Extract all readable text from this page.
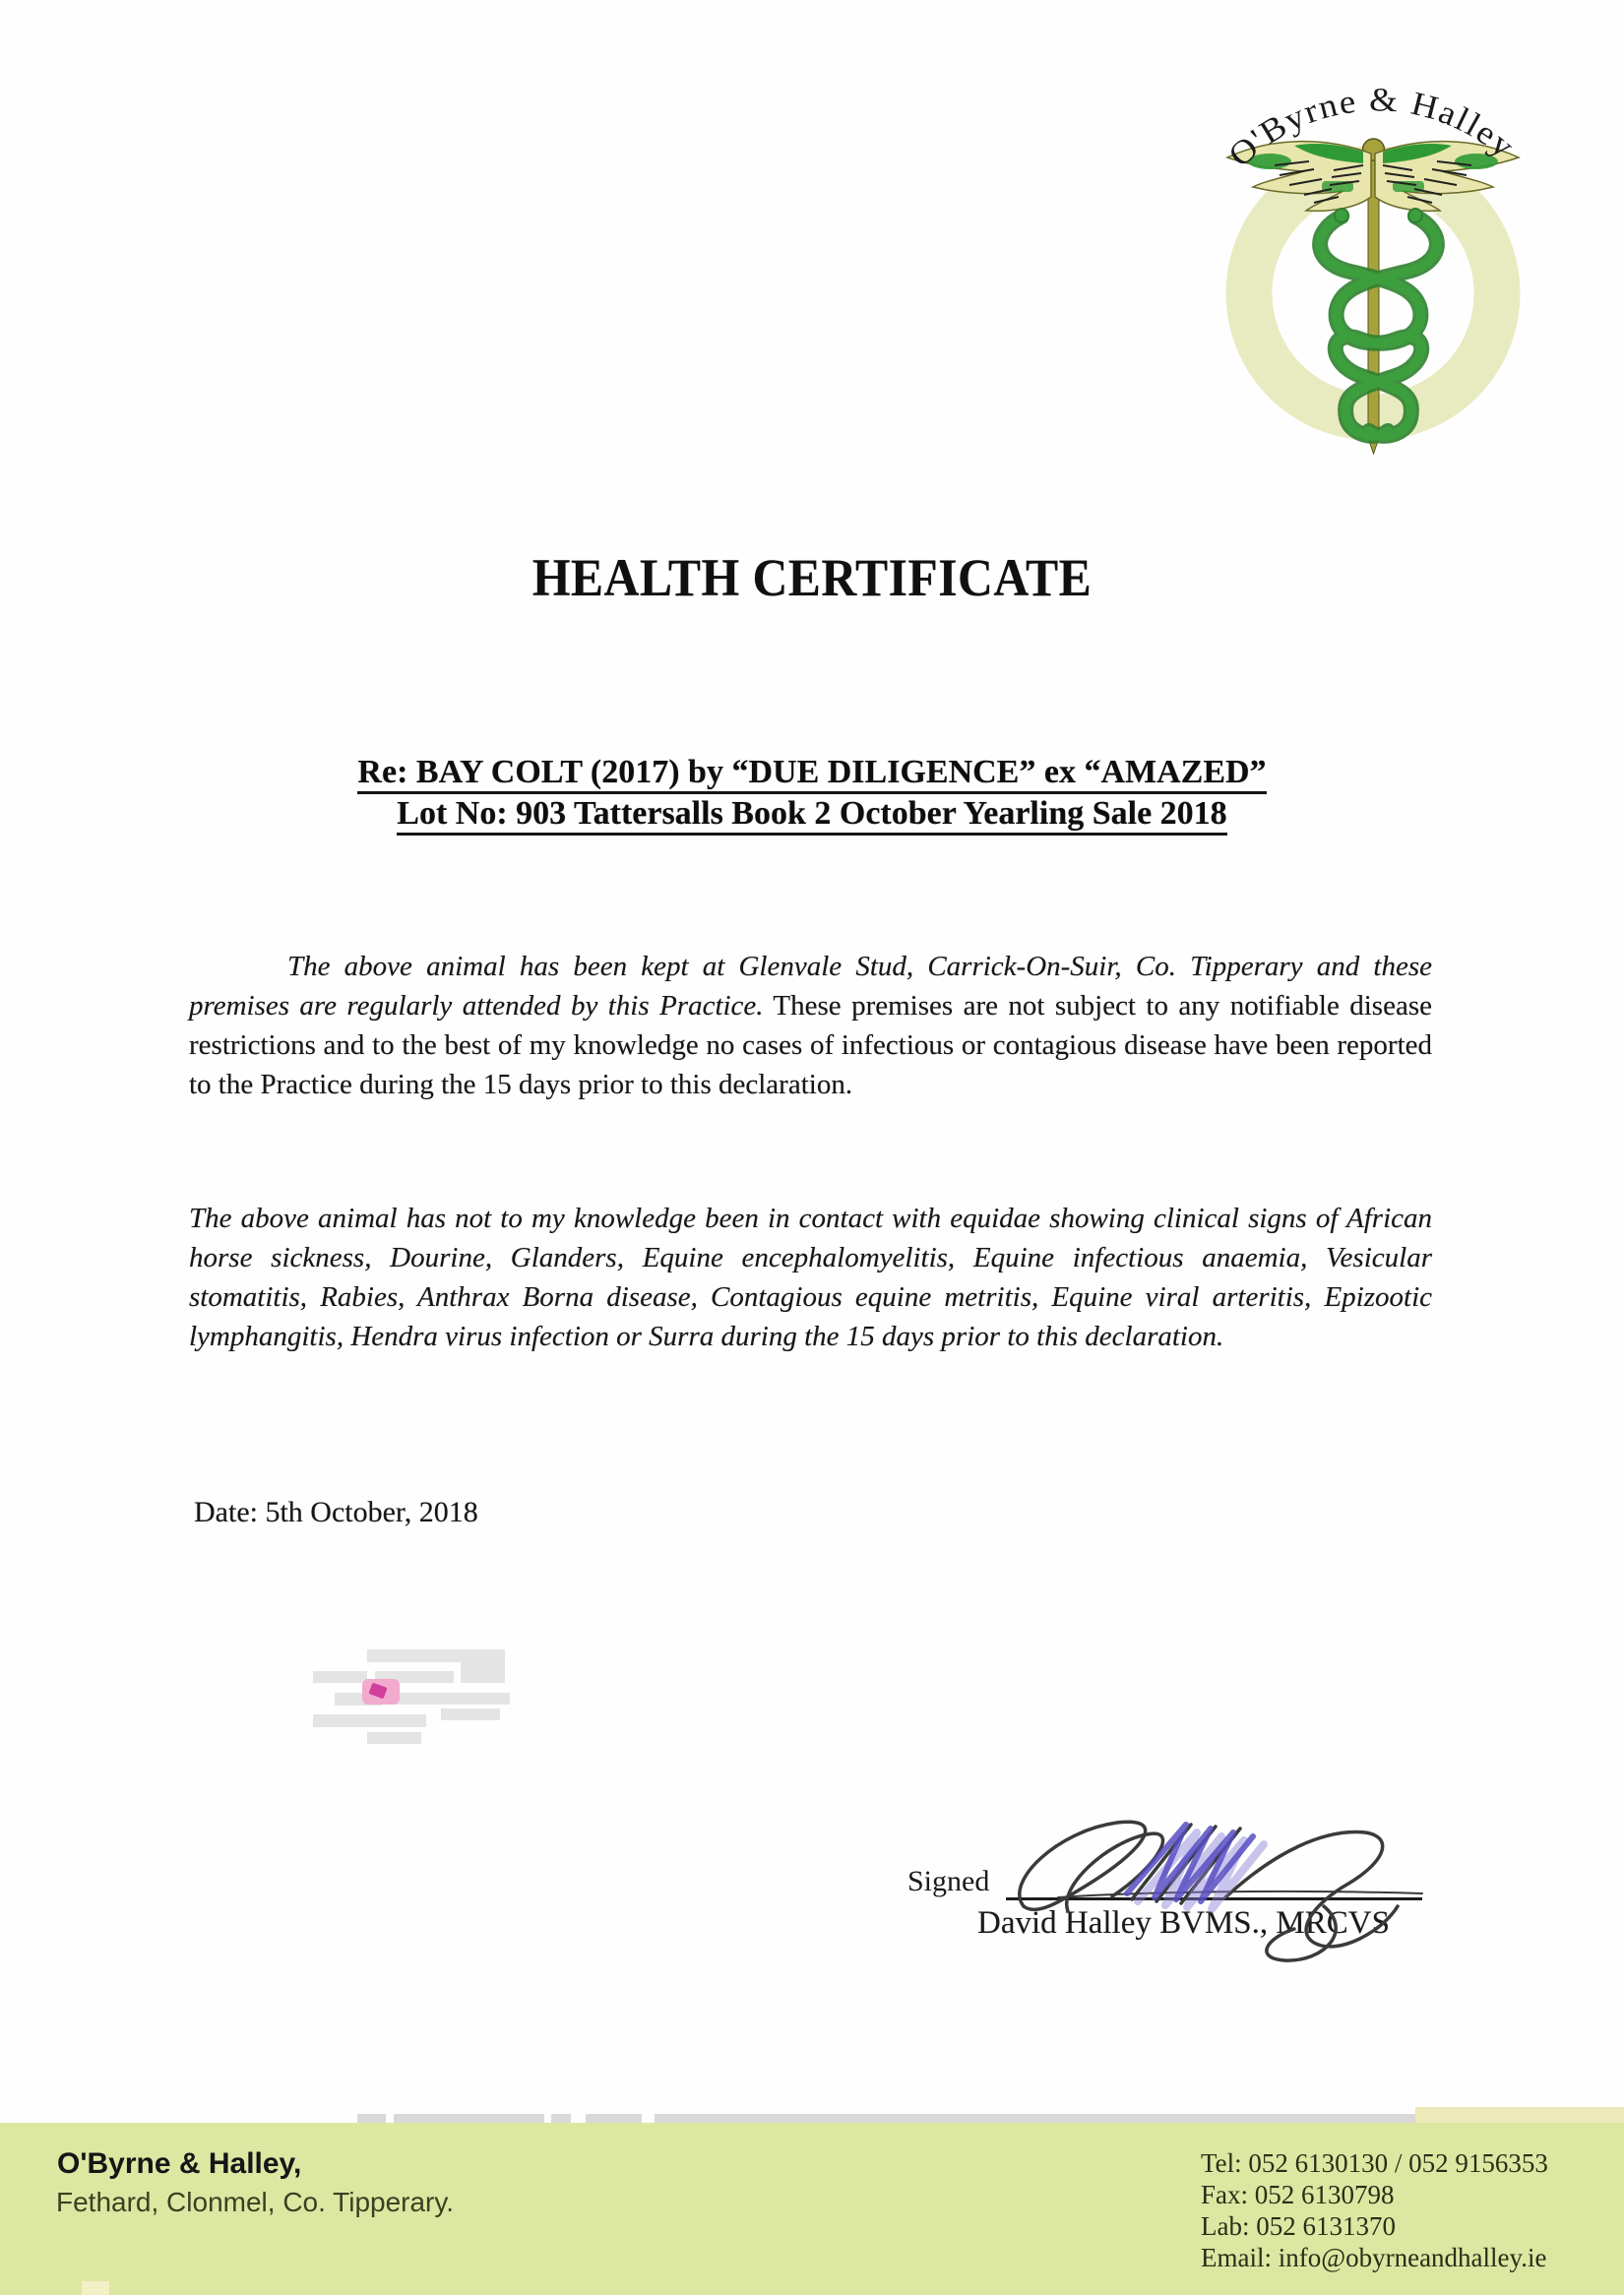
O'Byrne & Halley
HEALTH CERTIFICATE
Re: BAY COLT (2017) by “DUE DILIGENCE” ex “AMAZED”
Lot No: 903 Tattersalls Book 2 October Yearling Sale 2018

The above animal has been kept at Glenvale Stud, Carrick-On-Suir, Co. Tipperary and these premises are regularly attended by this Practice. These premises are not subject to any notifiable disease restrictions and to the best of my knowledge no cases of infectious or contagious disease have been reported to the Practice during the 15 days prior to this declaration.

The above animal has not to my knowledge been in contact with equidae showing clinical signs of African horse sickness, Dourine, Glanders, Equine encephalomyelitis, Equine infectious anaemia, Vesicular stomatitis, Rabies, Anthrax Borna disease, Contagious equine metritis, Equine viral arteritis, Epizootic lymphangitis, Hendra virus infection or Surra during the 15 days prior to this declaration.

Date: 5th October, 2018
Signed
David Halley BVMS., MRCVS
O'Byrne & Halley,
Fethard, Clonmel, Co. Tipperary.
Tel: 052 6130130 / 052 9156353
Fax: 052 6130798
Lab: 052 6131370
Email: info@obyrneandhalley.ie
